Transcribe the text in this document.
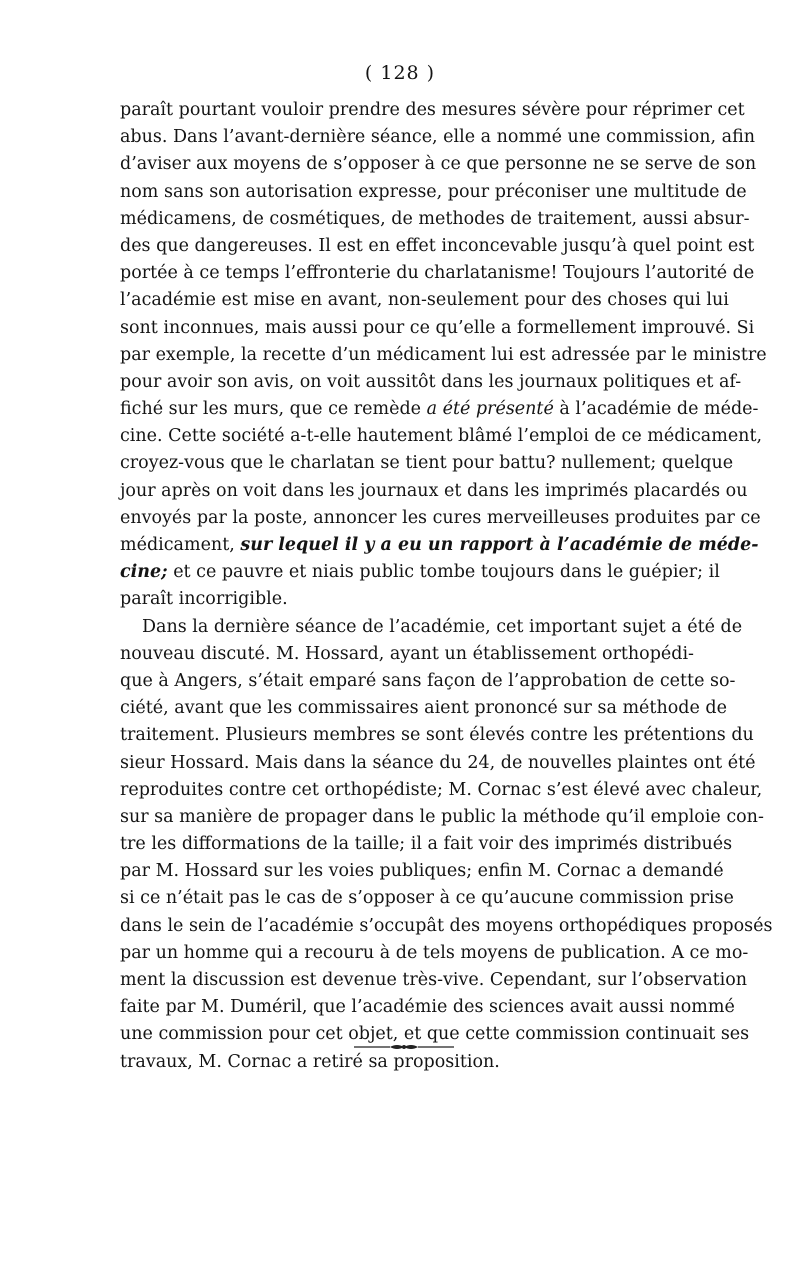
( 128 )
paraît pourtant vouloir prendre des mesures sévère pour réprimer cet
abus. Dans l’avant-dernière séance, elle a nommé une commission, afin
d’aviser aux moyens de s’opposer à ce que personne ne se serve de son
nom sans son autorisation expresse, pour préconiser une multitude de
médicamens, de cosmétiques, de methodes de traitement, aussi absur-
des que dangereuses. Il est en effet inconcevable jusqu’à quel point est
portée à ce temps l’effronterie du charlatanisme! Toujours l’autorité de
l’académie est mise en avant, non-seulement pour des choses qui lui
sont inconnues, mais aussi pour ce qu’elle a formellement improuvé. Si
par exemple, la recette d’un médicament lui est adressée par le ministre
pour avoir son avis, on voit aussitôt dans les journaux politiques et af-
fiché sur les murs, que ce remède a été présenté à l’académie de méde-
cine. Cette société a-t-elle hautement blâmé l’emploi de ce médicament,
croyez-vous que le charlatan se tient pour battu? nullement; quelque
jour après on voit dans les journaux et dans les imprimés placardés ou
envoyés par la poste, annoncer les cures merveilleuses produites par ce
médicament, sur lequel il y a eu un rapport à l’académie de méde-
cine; et ce pauvre et niais public tombe toujours dans le guépier; il
paraît incorrigible.
Dans la dernière séance de l’académie, cet important sujet a été de
nouveau discuté. M. Hossard, ayant un établissement orthopédi-
que à Angers, s’était emparé sans façon de l’approbation de cette so-
ciété, avant que les commissaires aient prononcé sur sa méthode de
traitement. Plusieurs membres se sont élevés contre les prétentions du
sieur Hossard. Mais dans la séance du 24, de nouvelles plaintes ont été
reproduites contre cet orthopédiste; M. Cornac s’est élevé avec chaleur,
sur sa manière de propager dans le public la méthode qu’il emploie con-
tre les difformations de la taille; il a fait voir des imprimés distribués
par M. Hossard sur les voies publiques; enfin M. Cornac a demandé
si ce n’était pas le cas de s’opposer à ce qu’aucune commission prise
dans le sein de l’académie s’occupât des moyens orthopédiques proposés
par un homme qui a recouru à de tels moyens de publication. A ce mo-
ment la discussion est devenue très-vive. Cependant, sur l’observation
faite par M. Duméril, que l’académie des sciences avait aussi nommé
une commission pour cet objet, et que cette commission continuait ses
travaux, M. Cornac a retiré sa proposition.
